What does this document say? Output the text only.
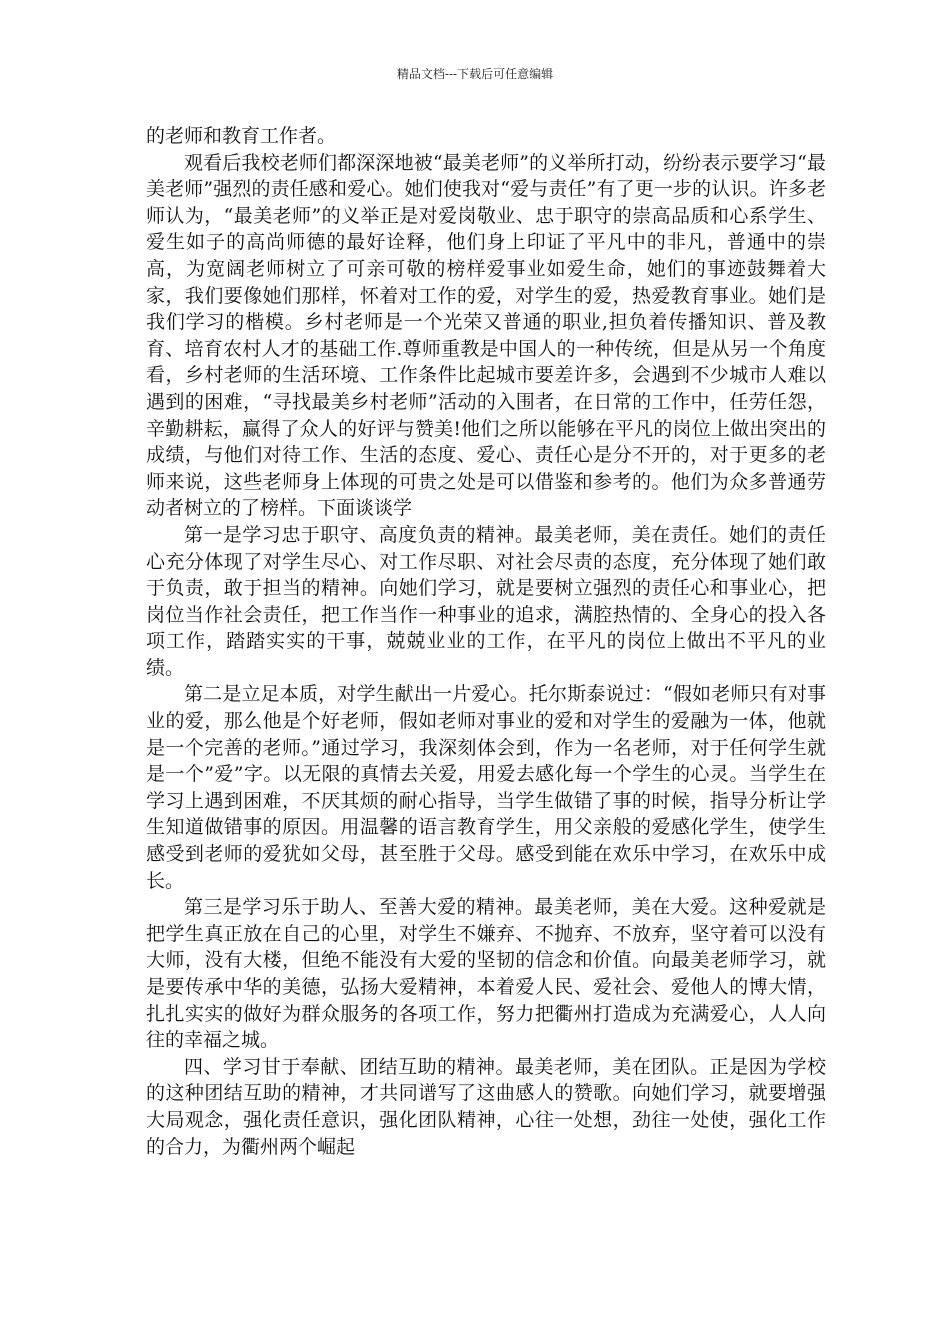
精品文档---下载后可任意编辑

的老师和教育工作者。

观看后我校老师们都深深地被“最美老师”的义举所打动，纷纷表示要学习“最美老师”强烈的责任感和爱心。她们使我对“爱与责任”有了更一步的认识。许多老师认为，“最美老师”的义举正是对爱岗敬业、忠于职守的崇高品质和心系学生、爱生如子的高尚师德的最好诠释，他们身上印证了平凡中的非凡，普通中的崇高，为宽阔老师树立了可亲可敬的榜样爱事业如爱生命，她们的事迹鼓舞着大家，我们要像她们那样，怀着对工作的爱，对学生的爱，热爱教育事业。她们是我们学习的楷模。乡村老师是一个光荣又普通的职业,担负着传播知识、普及教育、培育农村人才的基础工作.尊师重教是中国人的一种传统，但是从另一个角度看，乡村老师的生活环境、工作条件比起城市要差许多，会遇到不少城市人难以遇到的困难，“寻找最美乡村老师”活动的入围者，在日常的工作中，任劳任怨，辛勤耕耘，赢得了众人的好评与赞美!他们之所以能够在平凡的岗位上做出突出的成绩，与他们对待工作、生活的态度、爱心、责任心是分不开的，对于更多的老师来说，这些老师身上体现的可贵之处是可以借鉴和参考的。他们为众多普通劳动者树立的了榜样。下面谈谈学

第一是学习忠于职守、高度负责的精神。最美老师，美在责任。她们的责任心充分体现了对学生尽心、对工作尽职、对社会尽责的态度，充分体现了她们敢于负责，敢于担当的精神。向她们学习，就是要树立强烈的责任心和事业心，把岗位当作社会责任，把工作当作一种事业的追求，满腔热情的、全身心的投入各项工作，踏踏实实的干事，兢兢业业的工作，在平凡的岗位上做出不平凡的业绩。

第二是立足本质，对学生献出一片爱心。托尔斯泰说过：“假如老师只有对事业的爱，那么他是个好老师，假如老师对事业的爱和对学生的爱融为一体，他就是一个完善的老师。”通过学习，我深刻体会到，作为一名老师，对于任何学生就是一个”爱”字。以无限的真情去关爱，用爱去感化每一个学生的心灵。当学生在学习上遇到困难，不厌其烦的耐心指导，当学生做错了事的时候，指导分析让学生知道做错事的原因。用温馨的语言教育学生，用父亲般的爱感化学生，使学生感受到老师的爱犹如父母，甚至胜于父母。感受到能在欢乐中学习，在欢乐中成长。

第三是学习乐于助人、至善大爱的精神。最美老师，美在大爱。这种爱就是把学生真正放在自己的心里，对学生不嫌弃、不抛弃、不放弃，坚守着可以没有大师，没有大楼，但绝不能没有大爱的坚韧的信念和价值。向最美老师学习，就是要传承中华的美德，弘扬大爱精神，本着爱人民、爱社会、爱他人的博大情，扎扎实实的做好为群众服务的各项工作，努力把衢州打造成为充满爱心，人人向往的幸福之城。

四、学习甘于奉献、团结互助的精神。最美老师，美在团队。正是因为学校的这种团结互助的精神，才共同谱写了这曲感人的赞歌。向她们学习，就要增强大局观念，强化责任意识，强化团队精神，心往一处想，劲往一处使，强化工作的合力，为衢州两个崛起
